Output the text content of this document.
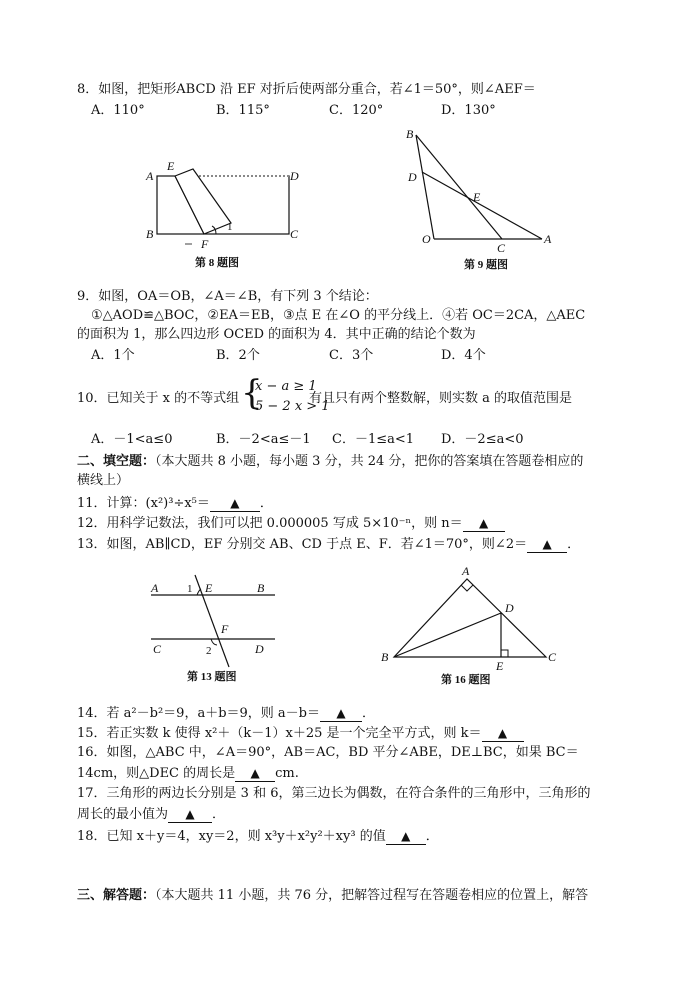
8．如图，把矩形ABCD 沿 EF 对折后使两部分重合，若∠1＝50°，则∠AEF＝
A．110°	B．115°	C．120°	D．130°
A
B	C
D
E
F
1
第 8 题图
B
D
E
O
C
A
第 9 题图
9．如图，OA＝OB，∠A＝∠B，有下列 3 个结论：
①△AOD≌△BOC，②EA＝EB，③点 E 在∠O 的平分线上．④若 OC＝2CA，△AEC
的面积为 1，那么四边形 OCED 的面积为 4．其中正确的结论个数为
A．1个	B．2个	C．3个	D．4个
10．已知关于 x 的不等式组 {
x − a ≥ 1
5 − 2 x > 1
有且只有两个整数解，则实数 a 的取值范围是
A．－1<a≤0	B．－2<a≤－1 C．－1≤a<1 D．－2≤a<0
二、填空题：（本大题共 8 小题，每小题 3 分，共 24 分，把你的答案填在答题卷相应的
横线上）
11．计算：(x²)³÷x⁵＝ ▲ ．
12．用科学记数法，我们可以把 0.000005 写成 5×10⁻ⁿ，则 n＝ ▲
13．如图，AB∥CD，EF 分别交 AB、CD 于点 E、F．若∠1＝70°，则∠2＝ ▲ ．
A	B
C	D
E
F
1
2
第 13 题图
A
B	C
D
E
第 16 题图
14．若 a²－b²＝9，a＋b＝9，则 a－b＝ ▲ ．
15．若正实数 k 使得 x²＋（k－1）x＋25 是一个完全平方式，则 k＝ ▲
16．如图，△ABC 中，∠A＝90°，AB＝AC，BD 平分∠ABE，DE⊥BC，如果 BC＝
14cm，则△DEC 的周长是 ▲ cm.
17．三角形的两边长分别是 3 和 6，第三边长为偶数，在符合条件的三角形中，三角形的
周长的最小值为 ▲ ．
18．已知 x＋y＝4，xy＝2，则 x³y＋x²y²＋xy³ 的值 ▲ ．
三、解答题：（本大题共 11 小题，共 76 分，把解答过程写在答题卷相应的位置上，解答
